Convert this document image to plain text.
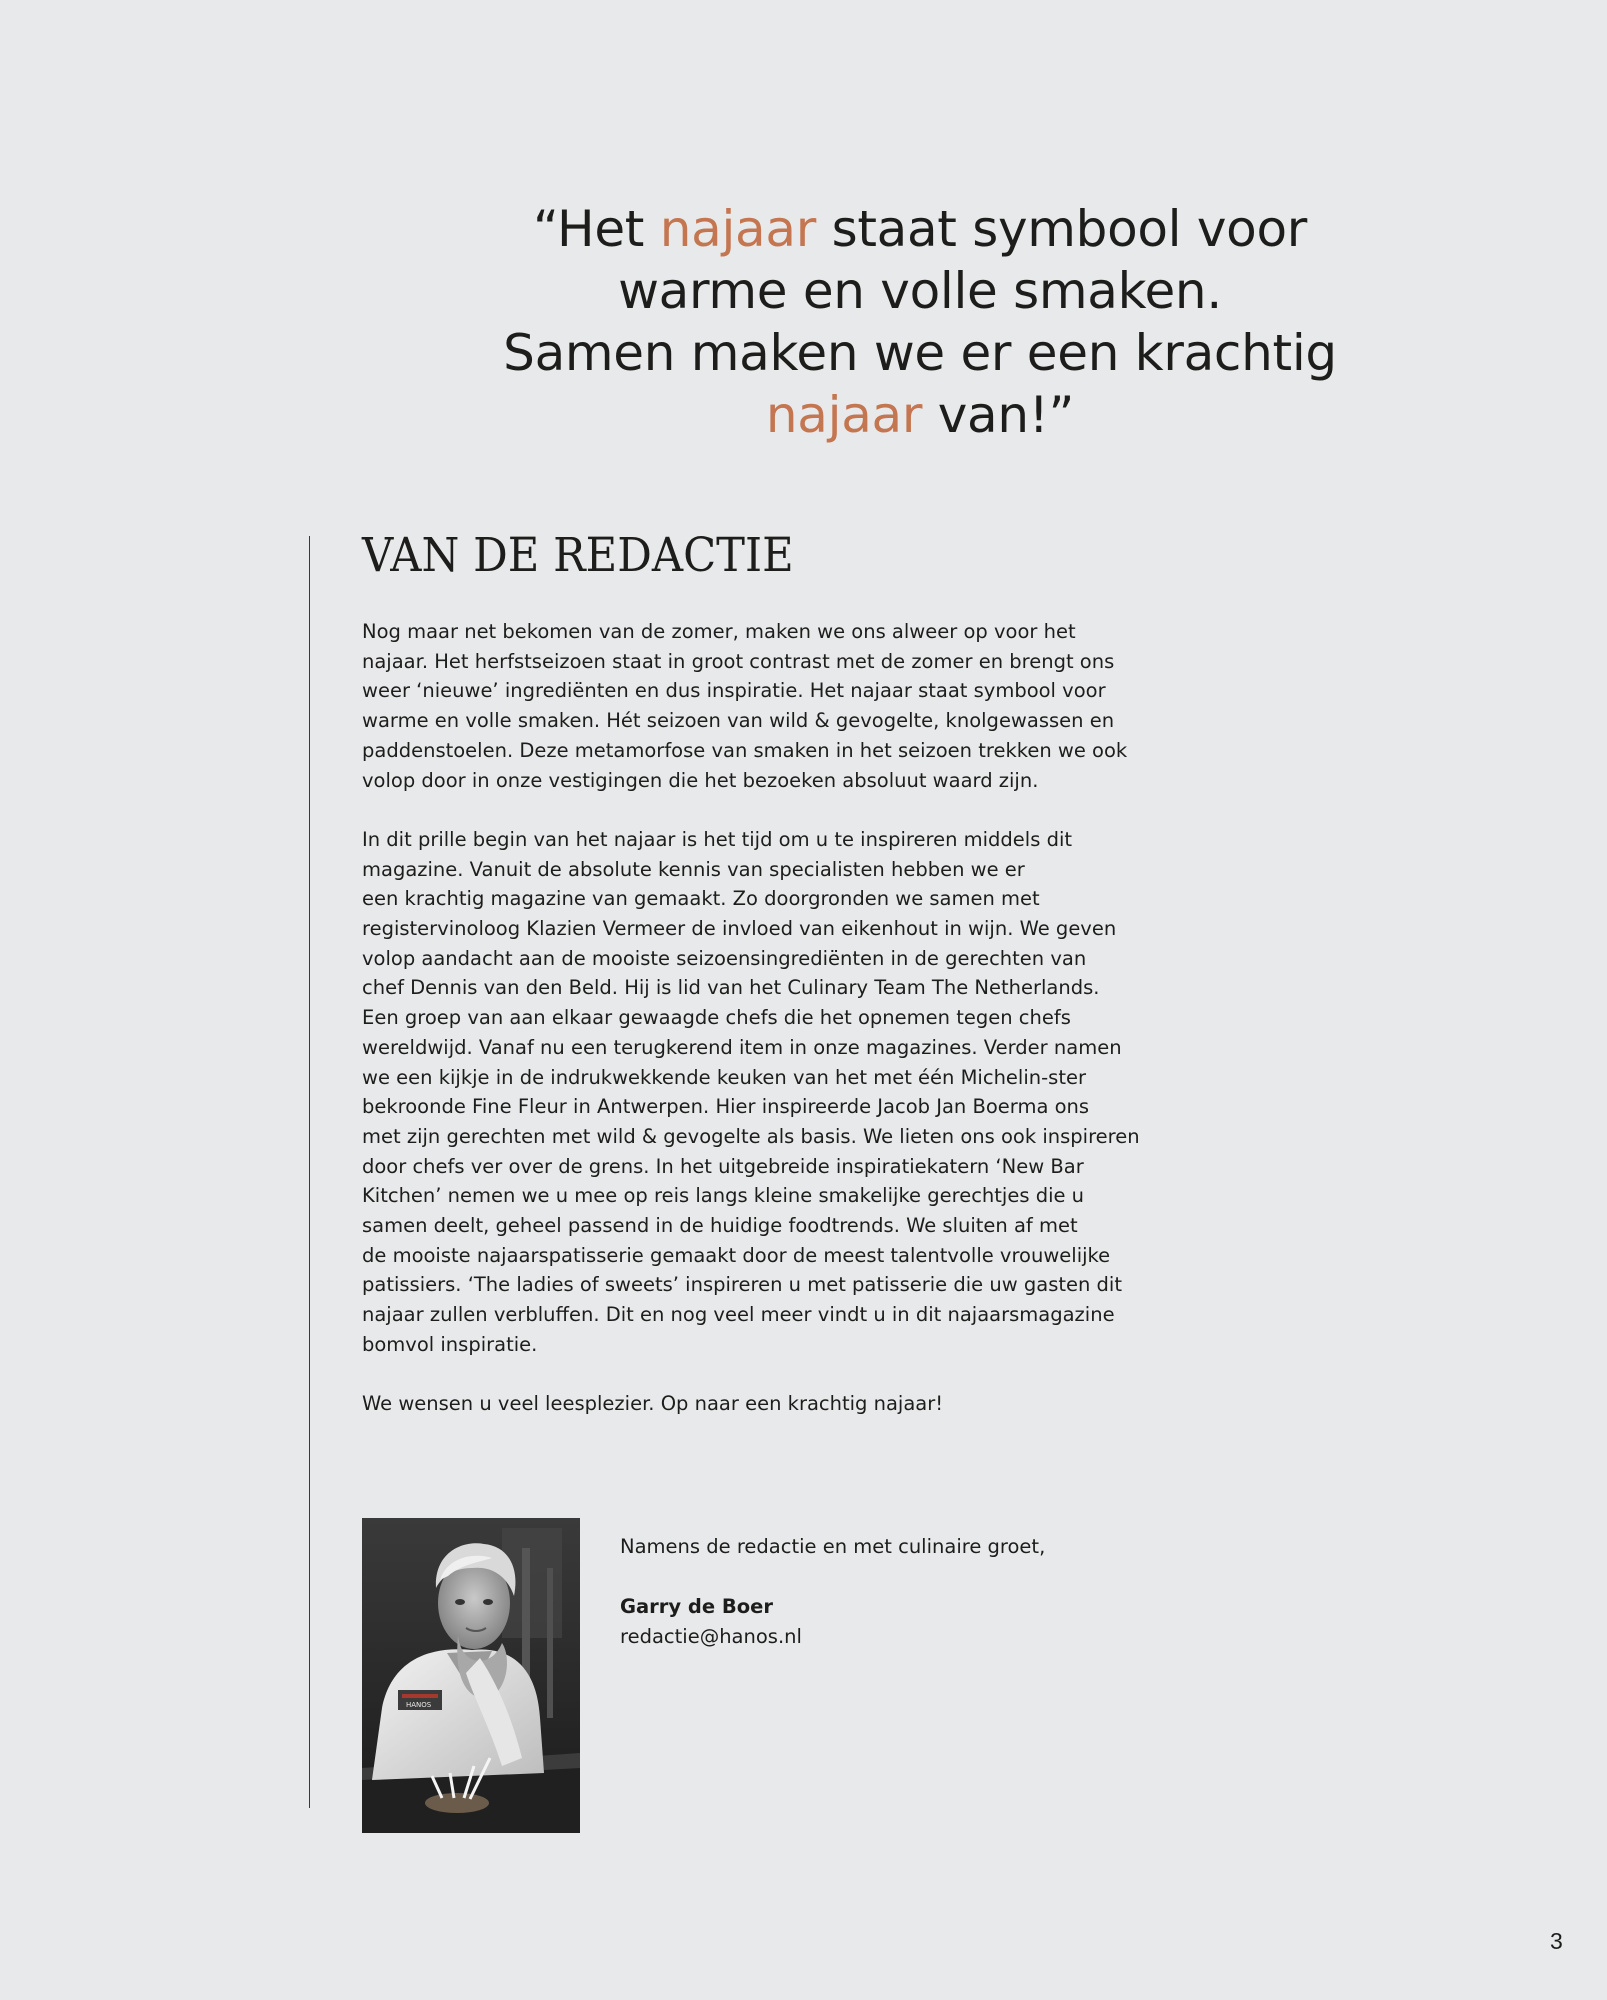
“Het najaar staat symbool voor
warme en volle smaken.
Samen maken we er een krachtig
najaar van!”
VAN DE REDACTIE

Nog maar net bekomen van de zomer, maken we ons alweer op voor het
najaar. Het herfstseizoen staat in groot contrast met de zomer en brengt ons
weer ‘nieuwe’ ingrediënten en dus inspiratie. Het najaar staat symbool voor
warme en volle smaken. Hét seizoen van wild & gevogelte, knolgewassen en
paddenstoelen. Deze metamorfose van smaken in het seizoen trekken we ook
volop door in onze vestigingen die het bezoeken absoluut waard zijn.

In dit prille begin van het najaar is het tijd om u te inspireren middels dit
magazine. Vanuit de absolute kennis van specialisten hebben we er
een krachtig magazine van gemaakt. Zo doorgronden we samen met
registervinoloog Klazien Vermeer de invloed van eikenhout in wijn. We geven
volop aandacht aan de mooiste seizoensingrediënten in de gerechten van
chef Dennis van den Beld. Hij is lid van het Culinary Team The Netherlands.
Een groep van aan elkaar gewaagde chefs die het opnemen tegen chefs
wereldwijd. Vanaf nu een terugkerend item in onze magazines. Verder namen
we een kijkje in de indrukwekkende keuken van het met één Michelin-ster
bekroonde Fine Fleur in Antwerpen. Hier inspireerde Jacob Jan Boerma ons
met zijn gerechten met wild & gevogelte als basis. We lieten ons ook inspireren
door chefs ver over de grens. In het uitgebreide inspiratiekatern ‘New Bar
Kitchen’ nemen we u mee op reis langs kleine smakelijke gerechtjes die u
samen deelt, geheel passend in de huidige foodtrends. We sluiten af met
de mooiste najaarspatisserie gemaakt door de meest talentvolle vrouwelijke
patissiers. ‘The ladies of sweets’ inspireren u met patisserie die uw gasten dit
najaar zullen verbluffen. Dit en nog veel meer vindt u in dit najaarsmagazine
bomvol inspiratie.

We wensen u veel leesplezier. Op naar een krachtig najaar!

HANOS

Namens de redactie en met culinaire groet,

Garry de Boer

redactie@hanos.nl

3
